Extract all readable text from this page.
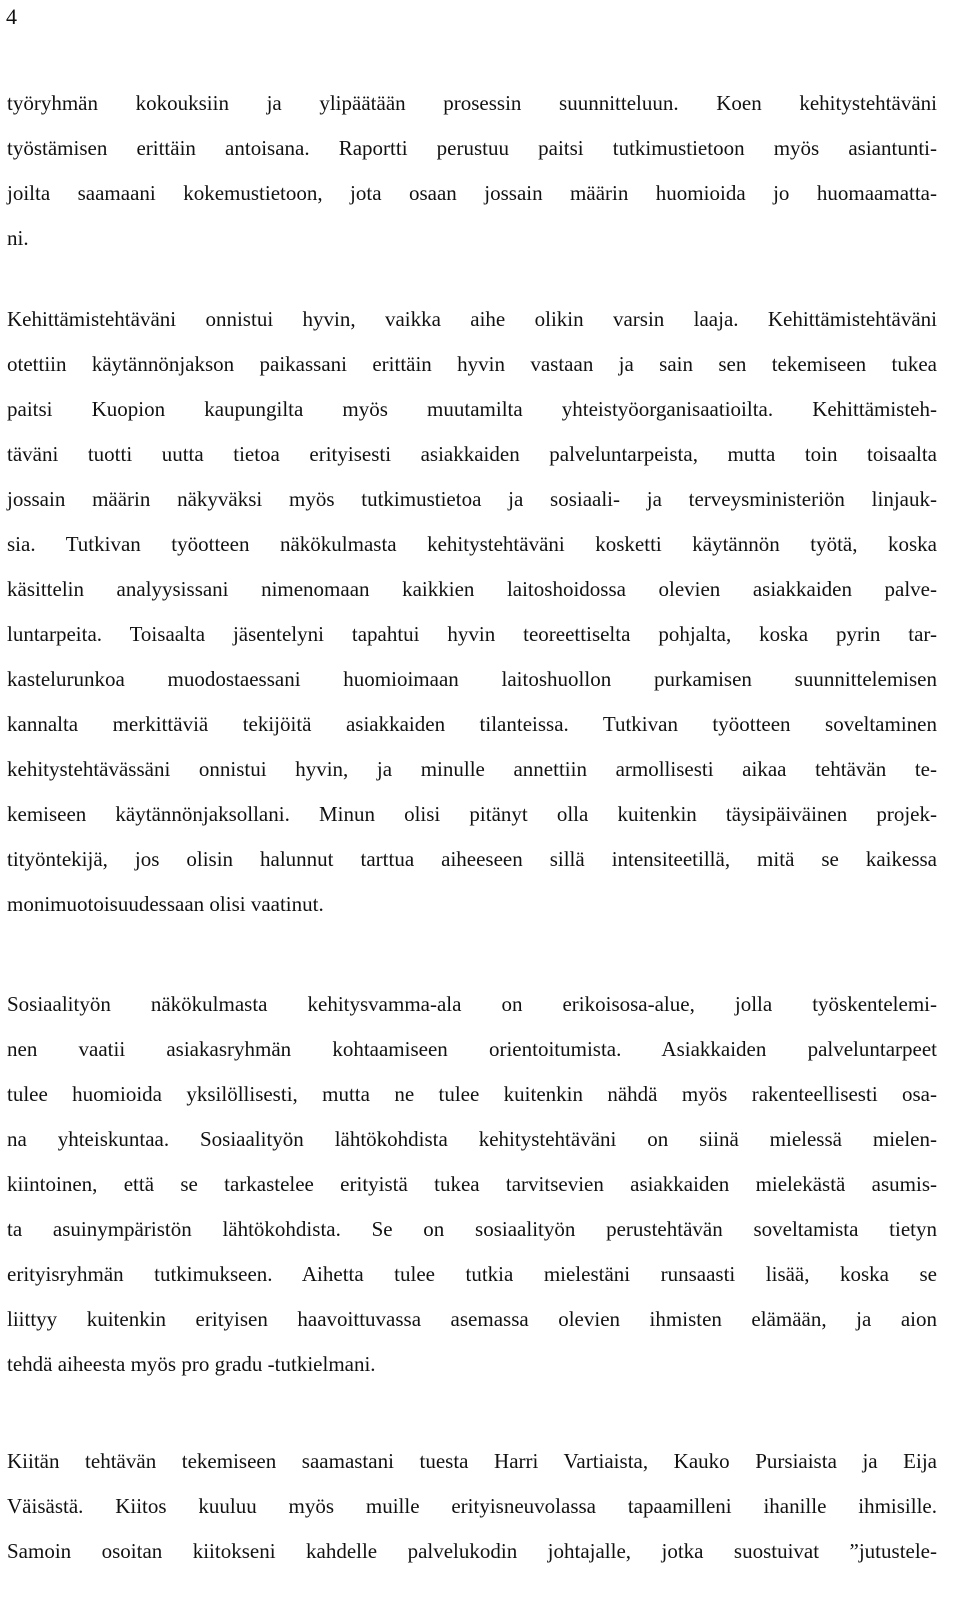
4
työryhmän kokouksiin ja ylipäätään prosessin suunnitteluun. Koen kehitystehtäväni
työstämisen erittäin antoisana. Raportti perustuu paitsi tutkimustietoon myös asiantunti-
joilta saamaani kokemustietoon, jota osaan jossain määrin huomioida jo huomaamatta-
ni.
Kehittämistehtäväni onnistui hyvin, vaikka aihe olikin varsin laaja. Kehittämistehtäväni
otettiin käytännönjakson paikassani erittäin hyvin vastaan ja sain sen tekemiseen tukea
paitsi Kuopion kaupungilta myös muutamilta yhteistyöorganisaatioilta. Kehittämisteh-
täväni tuotti uutta tietoa erityisesti asiakkaiden palveluntarpeista, mutta toin toisaalta
jossain määrin näkyväksi myös tutkimustietoa ja sosiaali- ja terveysministeriön linjauk-
sia. Tutkivan työotteen näkökulmasta kehitystehtäväni kosketti käytännön työtä, koska
käsittelin analyysissani nimenomaan kaikkien laitoshoidossa olevien asiakkaiden palve-
luntarpeita. Toisaalta jäsentelyni tapahtui hyvin teoreettiselta pohjalta, koska pyrin tar-
kastelurunkoa muodostaessani huomioimaan laitoshuollon purkamisen suunnittelemisen
kannalta merkittäviä tekijöitä asiakkaiden tilanteissa. Tutkivan työotteen soveltaminen
kehitystehtävässäni onnistui hyvin, ja minulle annettiin armollisesti aikaa tehtävän te-
kemiseen käytännönjaksollani. Minun olisi pitänyt olla kuitenkin täysipäiväinen projek-
tityöntekijä, jos olisin halunnut tarttua aiheeseen sillä intensiteetillä, mitä se kaikessa
monimuotoisuudessaan olisi vaatinut.
Sosiaalityön näkökulmasta kehitysvamma-ala on erikoisosa-alue, jolla työskentelemi-
nen vaatii asiakasryhmän kohtaamiseen orientoitumista. Asiakkaiden palveluntarpeet
tulee huomioida yksilöllisesti, mutta ne tulee kuitenkin nähdä myös rakenteellisesti osa-
na yhteiskuntaa. Sosiaalityön lähtökohdista kehitystehtäväni on siinä mielessä mielen-
kiintoinen, että se tarkastelee erityistä tukea tarvitsevien asiakkaiden mielekästä asumis-
ta asuinympäristön lähtökohdista. Se on sosiaalityön perustehtävän soveltamista tietyn
erityisryhmän tutkimukseen. Aihetta tulee tutkia mielestäni runsaasti lisää, koska se
liittyy kuitenkin erityisen haavoittuvassa asemassa olevien ihmisten elämään, ja aion
tehdä aiheesta myös pro gradu -tutkielmani.
Kiitän tehtävän tekemiseen saamastani tuesta Harri Vartiaista, Kauko Pursiaista ja Eija
Väisästä. Kiitos kuuluu myös muille erityisneuvolassa tapaamilleni ihanille ihmisille.
Samoin osoitan kiitokseni kahdelle palvelukodin johtajalle, jotka suostuivat ”jutustele-
